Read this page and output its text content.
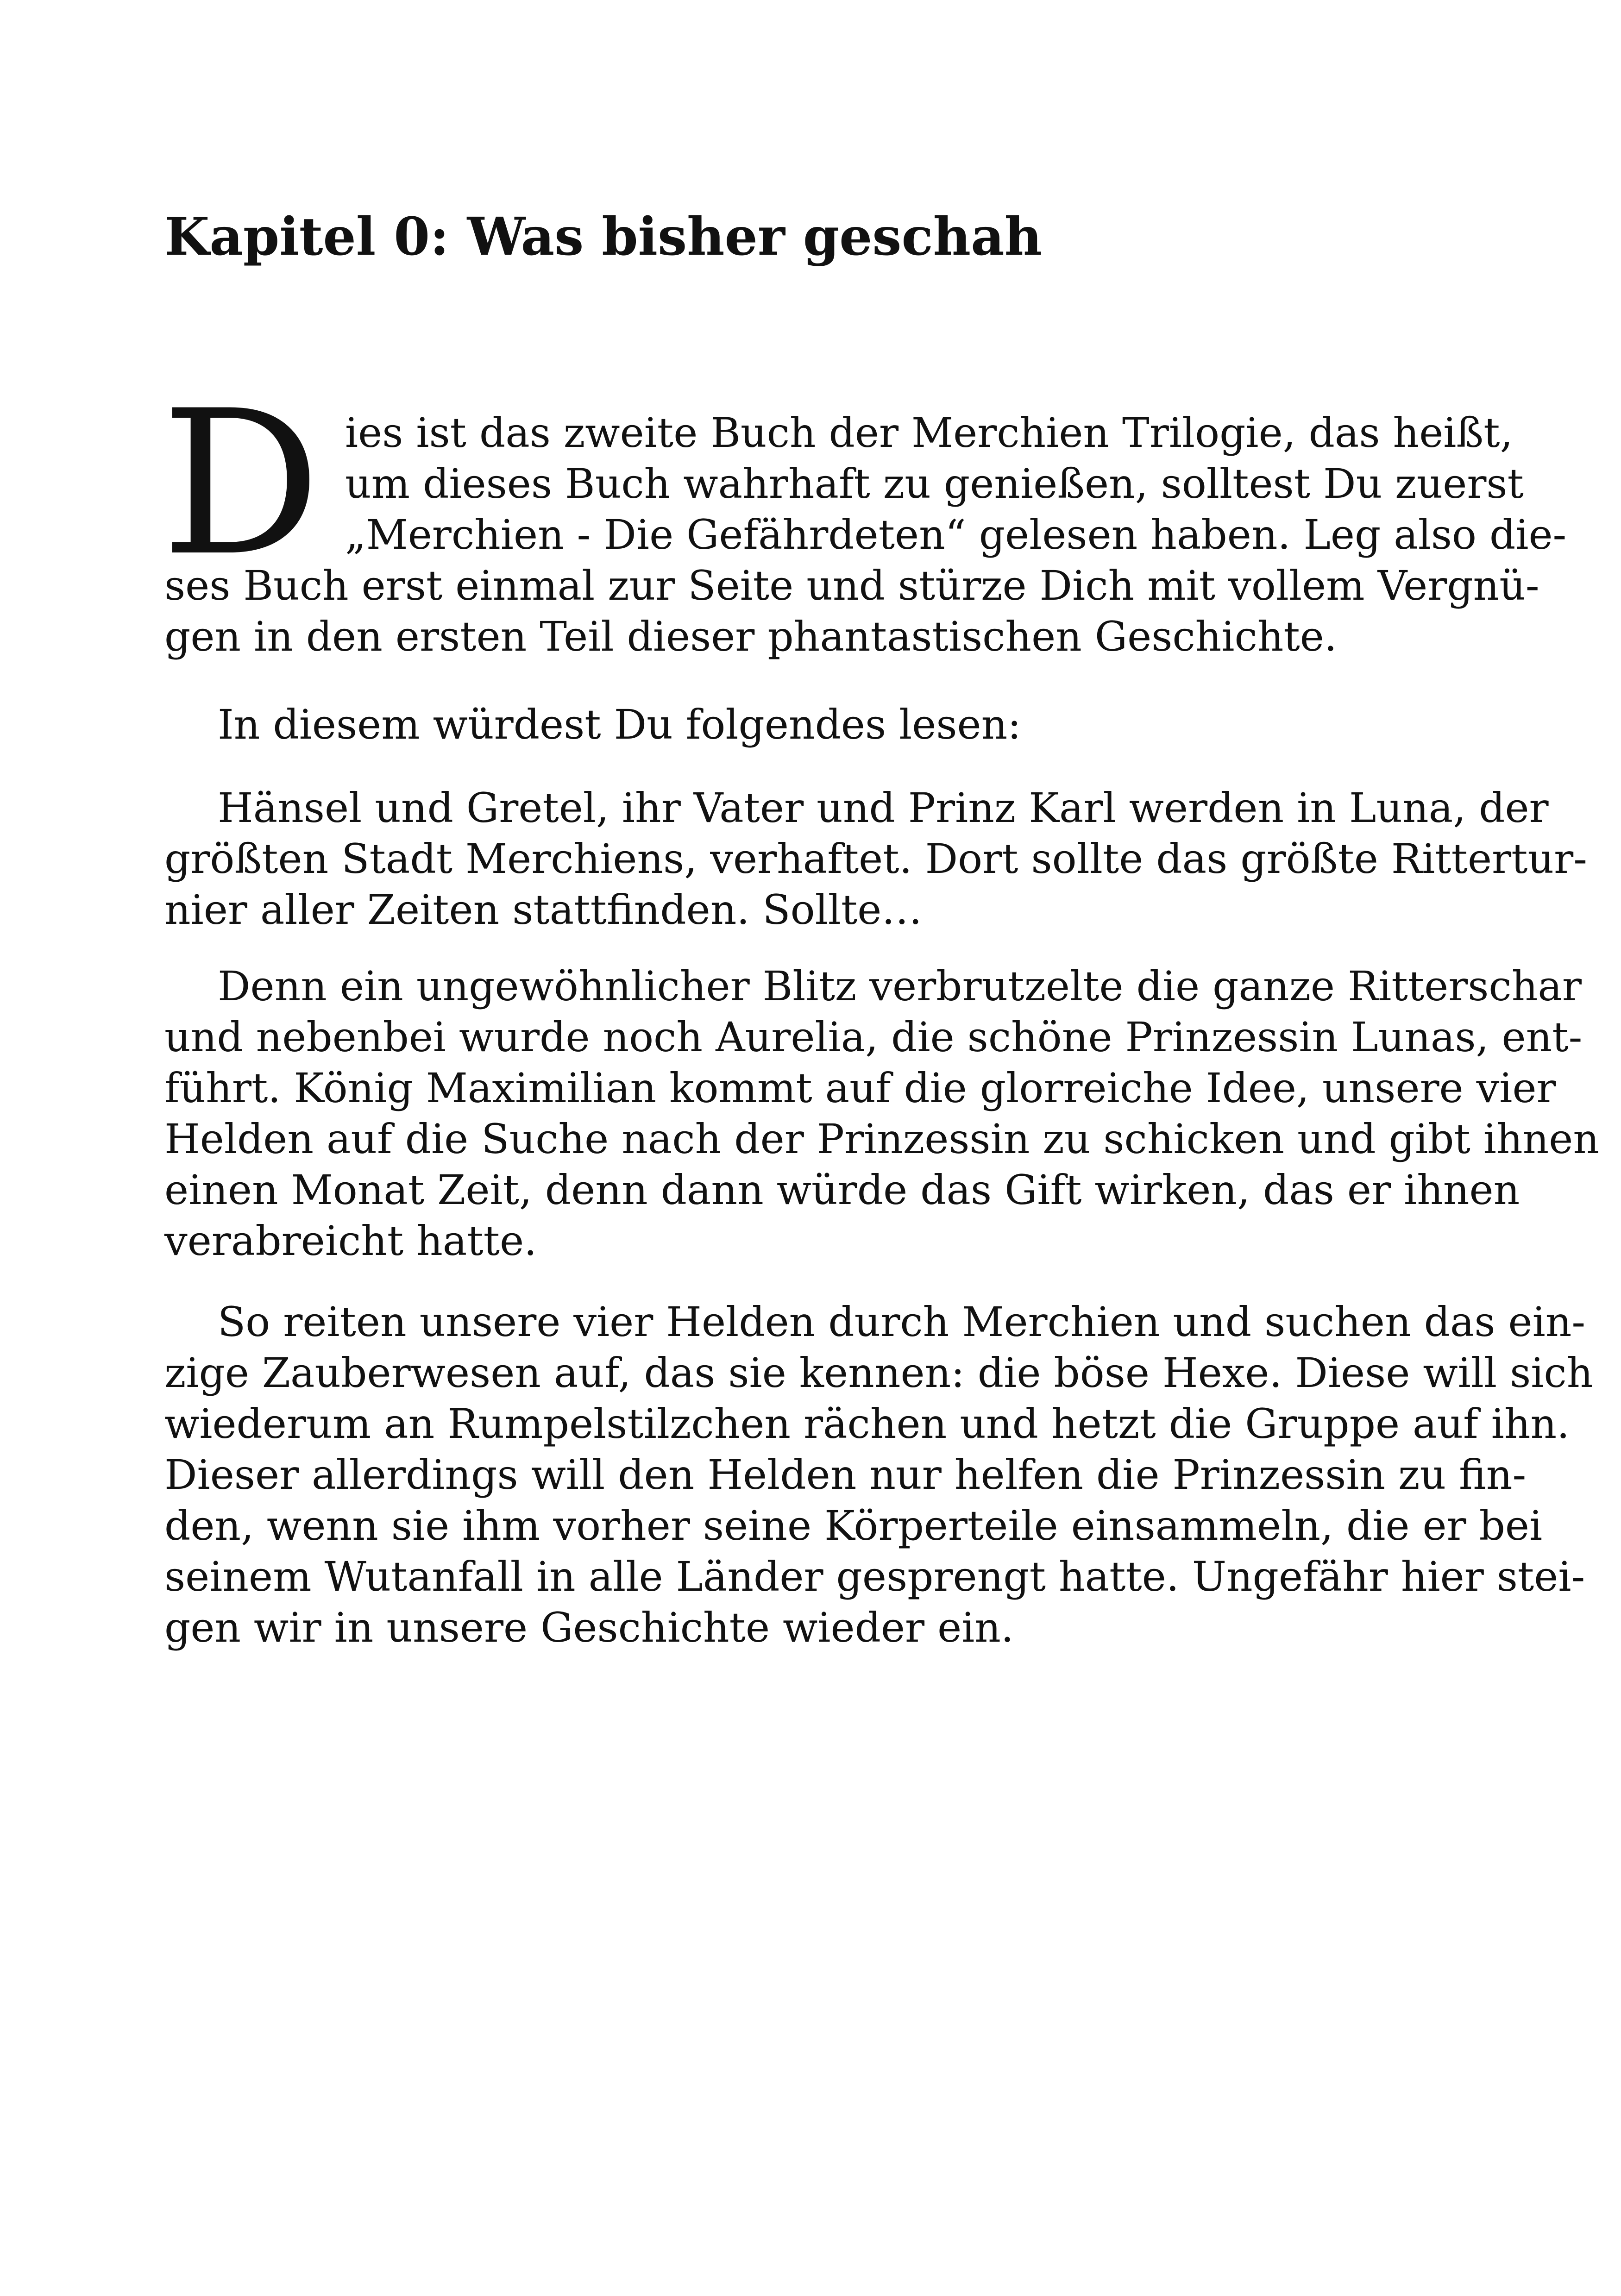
Kapitel 0: Was bisher geschah
D ies ist das zweite Buch der Merchien Trilogie, das heißt,
um dieses Buch wahrhaft zu genießen, solltest Du zuerst
„Merchien - Die Gefährdeten“ gelesen haben. Leg also die-
ses Buch erst einmal zur Seite und stürze Dich mit vollem Vergnü-
gen in den ersten Teil dieser phantastischen Geschichte.
In diesem würdest Du folgendes lesen:
Hänsel und Gretel, ihr Vater und Prinz Karl werden in Luna, der
größten Stadt Merchiens, verhaftet. Dort sollte das größte Rittertur-
nier aller Zeiten stattfinden. Sollte…
Denn ein ungewöhnlicher Blitz verbrutzelte die ganze Ritterschar
und nebenbei wurde noch Aurelia, die schöne Prinzessin Lunas, ent-
führt. König Maximilian kommt auf die glorreiche Idee, unsere vier
Helden auf die Suche nach der Prinzessin zu schicken und gibt ihnen
einen Monat Zeit, denn dann würde das Gift wirken, das er ihnen
verabreicht hatte.
So reiten unsere vier Helden durch Merchien und suchen das ein-
zige Zauberwesen auf, das sie kennen: die böse Hexe. Diese will sich
wiederum an Rumpelstilzchen rächen und hetzt die Gruppe auf ihn.
Dieser allerdings will den Helden nur helfen die Prinzessin zu fin-
den, wenn sie ihm vorher seine Körperteile einsammeln, die er bei
seinem Wutanfall in alle Länder gesprengt hatte. Ungefähr hier stei-
gen wir in unsere Geschichte wieder ein.
